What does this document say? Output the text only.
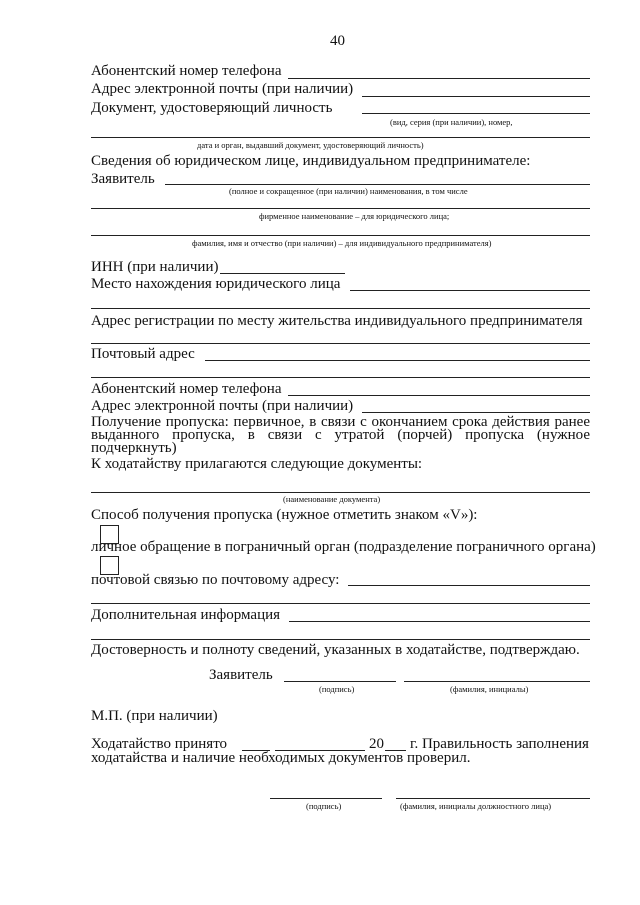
40
Абонентский номер телефона
Адрес электронной почты (при наличии)
Документ, удостоверяющий личность
(вид, серия (при наличии), номер,
дата и орган, выдавший документ, удостоверяющий личность)
Сведения об юридическом лице, индивидуальном предпринимателе:
Заявитель
(полное и сокращенное (при наличии) наименования, в том числе
фирменное наименование – для юридического лица;
фамилия, имя и отчество (при наличии) – для индивидуального предпринимателя)
ИНН (при наличии)
Место нахождения юридического лица
Адрес регистрации по месту жительства индивидуального предпринимателя
Почтовый адрес
Абонентский номер телефона
Адрес электронной почты (при наличии)
Получение пропуска: первичное, в связи с окончанием срока действия ранее выданного пропуска, в связи с утратой (порчей) пропуска (нужное подчеркнуть)
К ходатайству прилагаются следующие документы:
(наименование документа)
Способ получения пропуска (нужное отметить знаком «V»):
личное обращение в пограничный орган (подразделение пограничного органа)
почтовой связью по почтовому адресу:
Дополнительная информация
Достоверность и полноту сведений, указанных в ходатайстве, подтверждаю.
Заявитель
(подпись)	(фамилия, инициалы)
М.П. (при наличии)
Ходатайство принято	20 г. Правильность заполнения
ходатайства и наличие необходимых документов проверил.
(подпись)	(фамилия, инициалы должностного лица)
